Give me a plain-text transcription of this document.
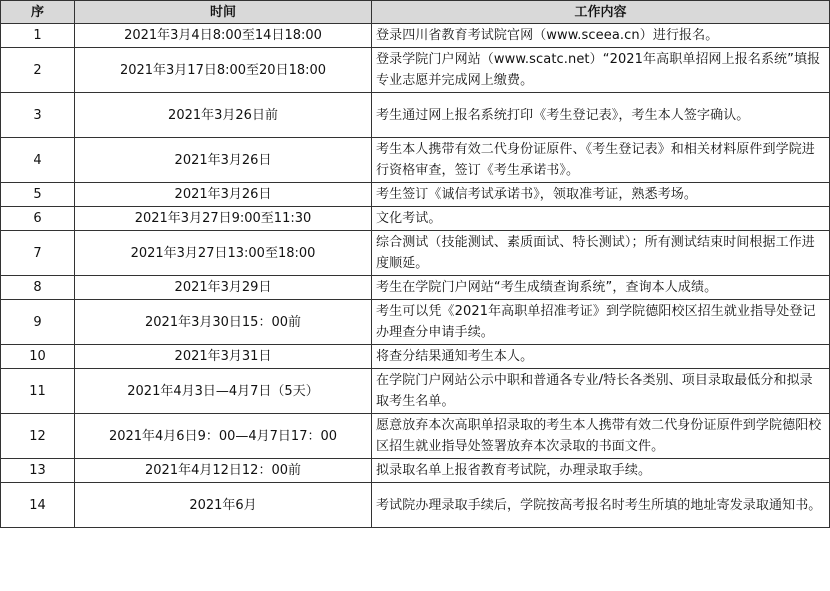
序	时间	工作内容
1	2021年3月4日8:00至14日18:00	登录四川省教育考试院官网（www.sceea.cn）进行报名。
2	2021年3月17日8:00至20日18:00	登录学院门户网站（www.scatc.net）“2021年高职单招网上报名系统”填报专业志愿并完成网上缴费。
3	2021年3月26日前	考生通过网上报名系统打印《考生登记表》，考生本人签字确认。
4	2021年3月26日	考生本人携带有效二代身份证原件、《考生登记表》和相关材料原件到学院进行资格审查，签订《考生承诺书》。
5	2021年3月26日	考生签订《诚信考试承诺书》，领取准考证，熟悉考场。
6	2021年3月27日9:00至11:30	文化考试。
7	2021年3月27日13:00至18:00	综合测试（技能测试、素质面试、特长测试）；所有测试结束时间根据工作进度顺延。
8	2021年3月29日	考生在学院门户网站“考生成绩查询系统”，查询本人成绩。
9	2021年3月30日15：00前	考生可以凭《2021年高职单招准考证》到学院德阳校区招生就业指导处登记办理查分申请手续。
10	2021年3月31日	将查分结果通知考生本人。
11	2021年4月3日—4月7日（5天）	在学院门户网站公示中职和普通各专业/特长各类别、项目录取最低分和拟录取考生名单。
12	2021年4月6日9：00—4月7日17：00	愿意放弃本次高职单招录取的考生本人携带有效二代身份证原件到学院德阳校区招生就业指导处签署放弃本次录取的书面文件。
13	2021年4月12日12：00前	拟录取名单上报省教育考试院，办理录取手续。
14	2021年6月	考试院办理录取手续后，学院按高考报名时考生所填的地址寄发录取通知书。
